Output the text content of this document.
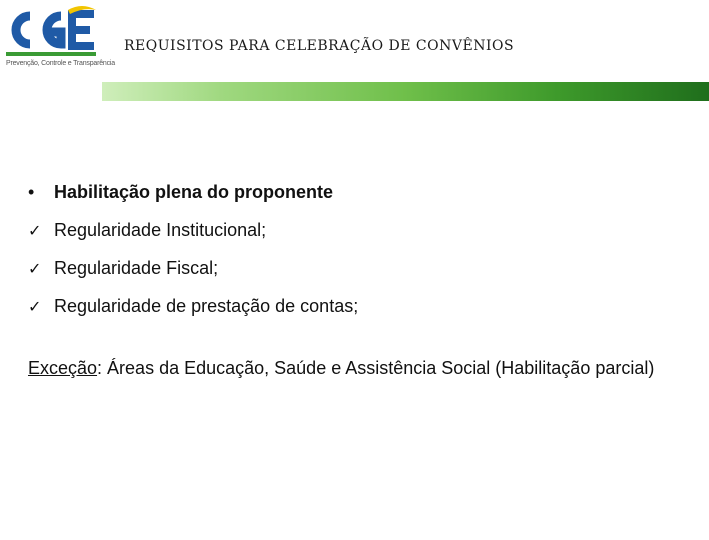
Prevenção, Controle e Transparência
REQUISITOS PARA CELEBRAÇÃO DE CONVÊNIOS
•	Habilitação plena do proponente
✓ Regularidade Institucional;
✓ Regularidade Fiscal;
✓ Regularidade de prestação de contas;
Exceção: Áreas da Educação, Saúde e Assistência Social (Habilitação parcial)
